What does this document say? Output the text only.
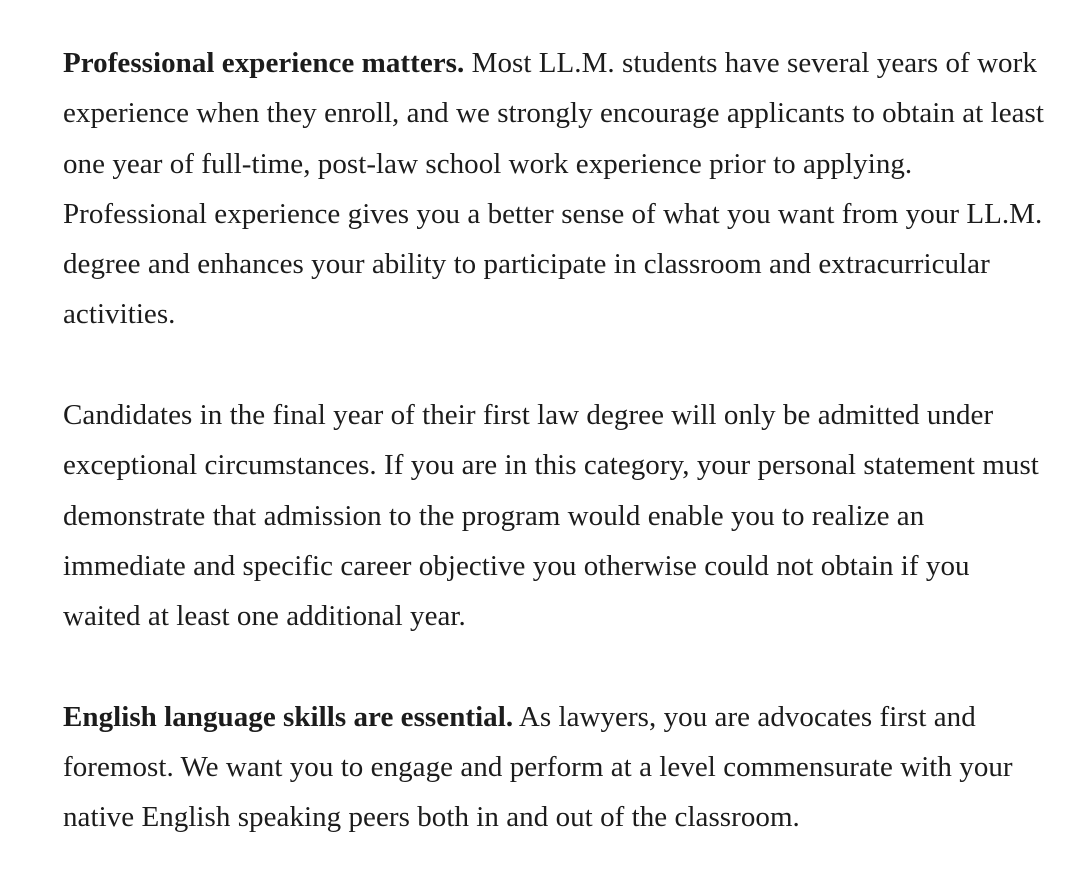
Professional experience matters. Most LL.M. students have several years of work experience when they enroll, and we strongly encourage applicants to obtain at least one year of full-time, post-law school work experience prior to applying. Professional experience gives you a better sense of what you want from your LL.M. degree and enhances your ability to participate in classroom and extracurricular activities.

Candidates in the final year of their first law degree will only be admitted under exceptional circumstances. If you are in this category, your personal statement must demonstrate that admission to the program would enable you to realize an immediate and specific career objective you otherwise could not obtain if you waited at least one additional year.

English language skills are essential. As lawyers, you are advocates first and foremost. We want you to engage and perform at a level commensurate with your native English speaking peers both in and out of the classroom.
